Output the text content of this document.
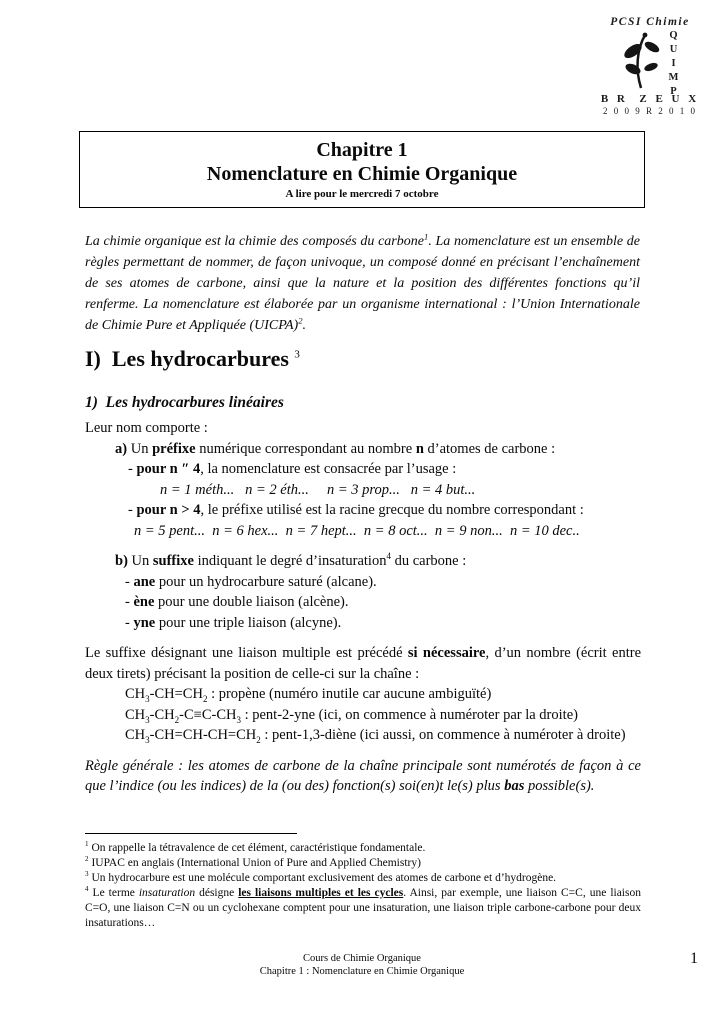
PCSI Chimie
QUIMP
B R  Z E U X
2 0 0 9 R 2 0 1 0
Chapitre 1
Nomenclature en Chimie Organique
A lire pour le mercredi 7 octobre
La chimie organique est la chimie des composés du carbone$^1$. La nomenclature est un ensemble de règles permettant de nommer, de façon univoque, un composé donné en précisant l’enchaînement de ses atomes de carbone, ainsi que la nature et la position des différentes fonctions qu’il renferme. La nomenclature est élaborée par un organisme international : l’Union Internationale de Chimie Pure et Appliquée (UICPA)$^2$.
I)  Les hydrocarbures $^3$
1)  Les hydrocarbures linéaires
Leur nom comporte :
a) Un préfixe numérique correspondant au nombre n d’atomes de carbone :
- pour n ″ 4, la nomenclature est consacrée par l’usage :
n = 1 méth...   n = 2 éth...     n = 3 prop...   n = 4 but...
- pour n > 4, le préfixe utilisé est la racine grecque du nombre correspondant :
n = 5 pent...  n = 6 hex...  n = 7 hept...  n = 8 oct...  n = 9 non...  n = 10 dec..
b) Un suffixe indiquant le degré d’insaturation$^4$ du carbone :
- ane pour un hydrocarbure saturé (alcane).
- ène pour une double liaison (alcène).
- yne pour une triple liaison (alcyne).
Le suffixe désignant une liaison multiple est précédé si nécessaire, d’un nombre (écrit entre deux tirets) précisant la position de celle-ci sur la chaîne :
$CH_3-CH=CH_2$ : propène (numéro inutile car aucune ambiguïté)
$CH_3-CH_2-C\equiv C-CH_3$ : pent-2-yne (ici, on commence à numéroter par la droite)
$CH_3-CH=CH-CH=CH_2$ : pent-1,3-diène (ici aussi, on commence à numéroter à droite)
Règle générale : les atomes de carbone de la chaîne principale sont numérotés de façon à ce que l’indice (ou les indices) de la (ou des) fonction(s) soi(en)t le(s) plus bas possible(s).
$^1$ On rappelle la tétravalence de cet élément, caractéristique fondamentale.
$^2$ IUPAC en anglais (International Union of Pure and Applied Chemistry)
$^3$ Un hydrocarbure est une molécule comportant exclusivement des atomes de carbone et d’hydrogène.
$^4$ Le terme insaturation désigne les liaisons multiples et les cycles. Ainsi, par exemple, une liaison C=C, une liaison C=O, une liaison C=N ou un cyclohexane comptent pour une insaturation, une liaison triple carbone-carbone pour deux insaturations…
Cours de Chimie Organique
Chapitre 1 : Nomenclature en Chimie Organique
1
